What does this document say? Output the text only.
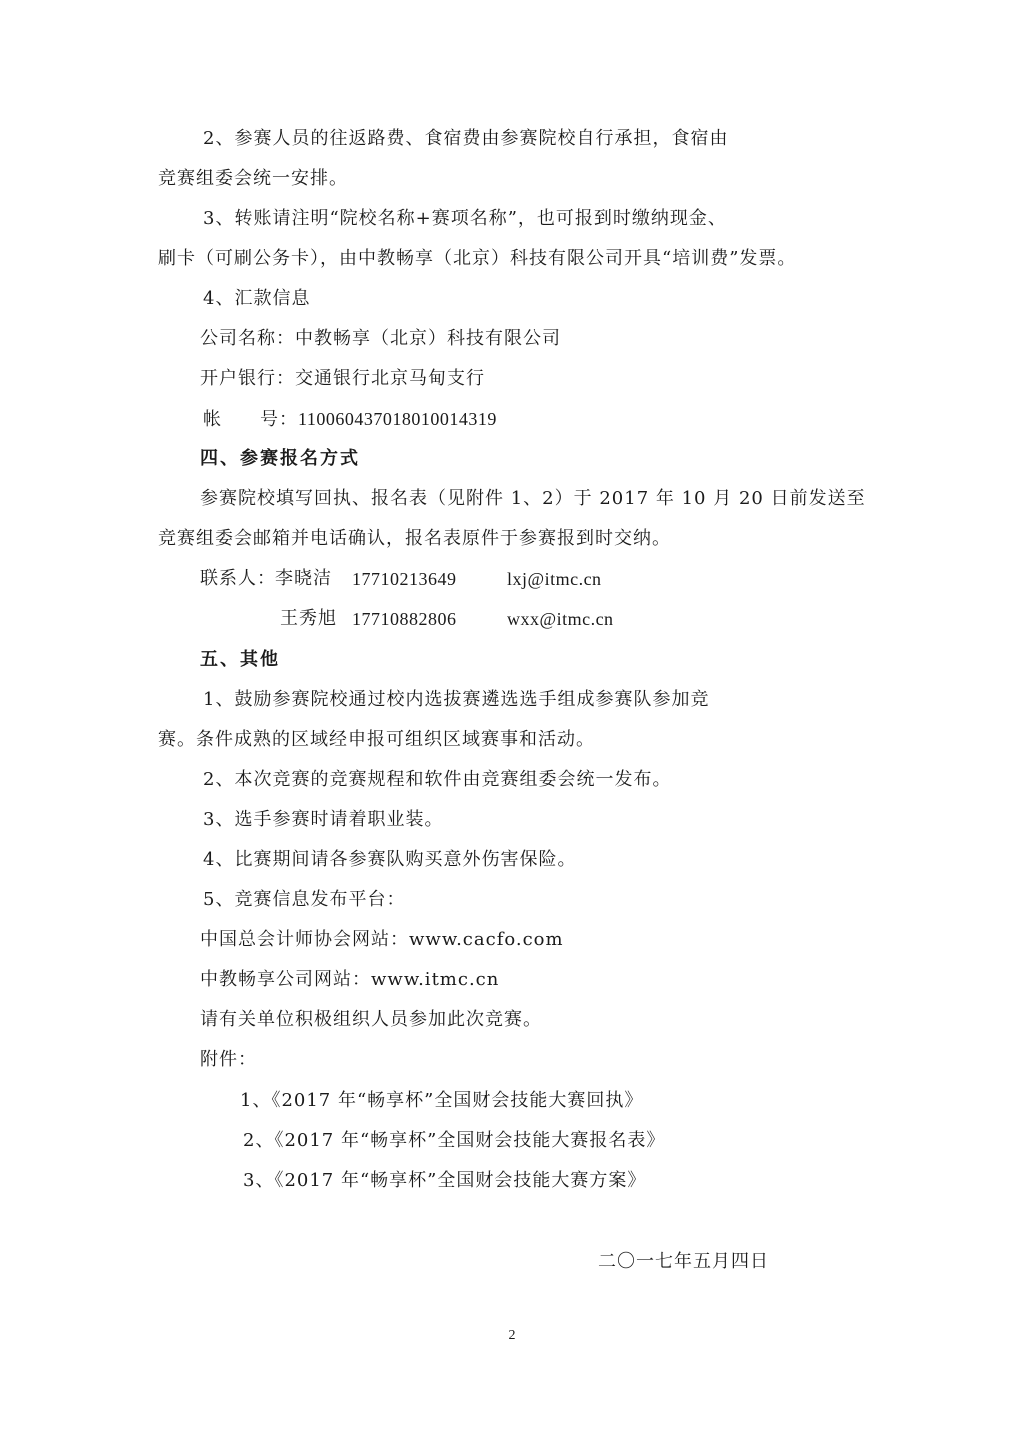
2、参赛人员的往返路费、食宿费由参赛院校自行承担，食宿由
竞赛组委会统一安排。
3、转账请注明“院校名称+赛项名称”，也可报到时缴纳现金、
刷卡（可刷公务卡），由中教畅享（北京）科技有限公司开具“培训费”发票。
4、汇款信息
公司名称：中教畅享（北京）科技有限公司
开户银行：交通银行北京马甸支行
帐　　号：110060437018010014319
四、参赛报名方式
参赛院校填写回执、报名表（见附件 1、2）于 2017 年 10 月 20 日前发送至
竞赛组委会邮箱并电话确认，报名表原件于参赛报到时交纳。
联系人： 李晓洁 17710213649	lxj@itmc.cn
王秀旭 17710882806	wxx@itmc.cn
五、其他
1、鼓励参赛院校通过校内选拔赛遴选选手组成参赛队参加竞
赛。条件成熟的区域经申报可组织区域赛事和活动。
2、本次竞赛的竞赛规程和软件由竞赛组委会统一发布。
3、选手参赛时请着职业装。
4、比赛期间请各参赛队购买意外伤害保险。
5、竞赛信息发布平台：
中国总会计师协会网站：www.cacfo.com
中教畅享公司网站：www.itmc.cn
请有关单位积极组织人员参加此次竞赛。
附件：
1、《2017 年“畅享杯”全国财会技能大赛回执》
2、《2017 年“畅享杯”全国财会技能大赛报名表》
3、《2017 年“畅享杯”全国财会技能大赛方案》
二〇一七年五月四日
2
